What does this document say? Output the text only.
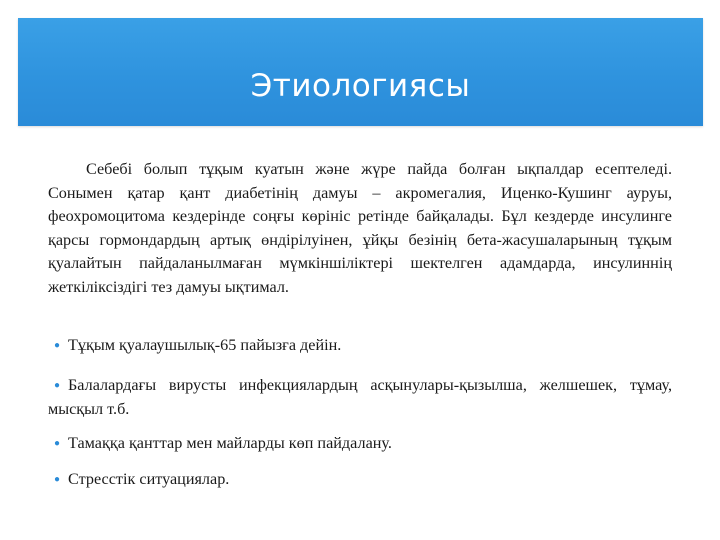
Этиологиясы

Себебі болып тұқым куатын және жүре пайда болған ықпалдар есептеледі. Сонымен қатар қант диабетінің дамуы – акромегалия, Иценко-Кушинг ауруы, феохромоцитома кездерінде соңғы көрініс ретінде байқалады. Бұл кездерде инсулинге қарсы гормондардың артық өндірілуінен, ұйқы безінің бета-жасушаларының тұқым қуалайтын пайдаланылмаған мүмкіншіліктері шектелген адамдарда, инсулиннің жеткіліксіздігі тез дамуы ықтимал.

● Тұқым қуалаушылық-65 пайызға дейін.
● Балалардағы вирусты инфекциялардың асқынулары-қызылша, желшешек, тұмау, мысқыл т.б.
● Тамаққа қанттар мен майларды көп пайдалану.
● Стресстік ситуациялар.
